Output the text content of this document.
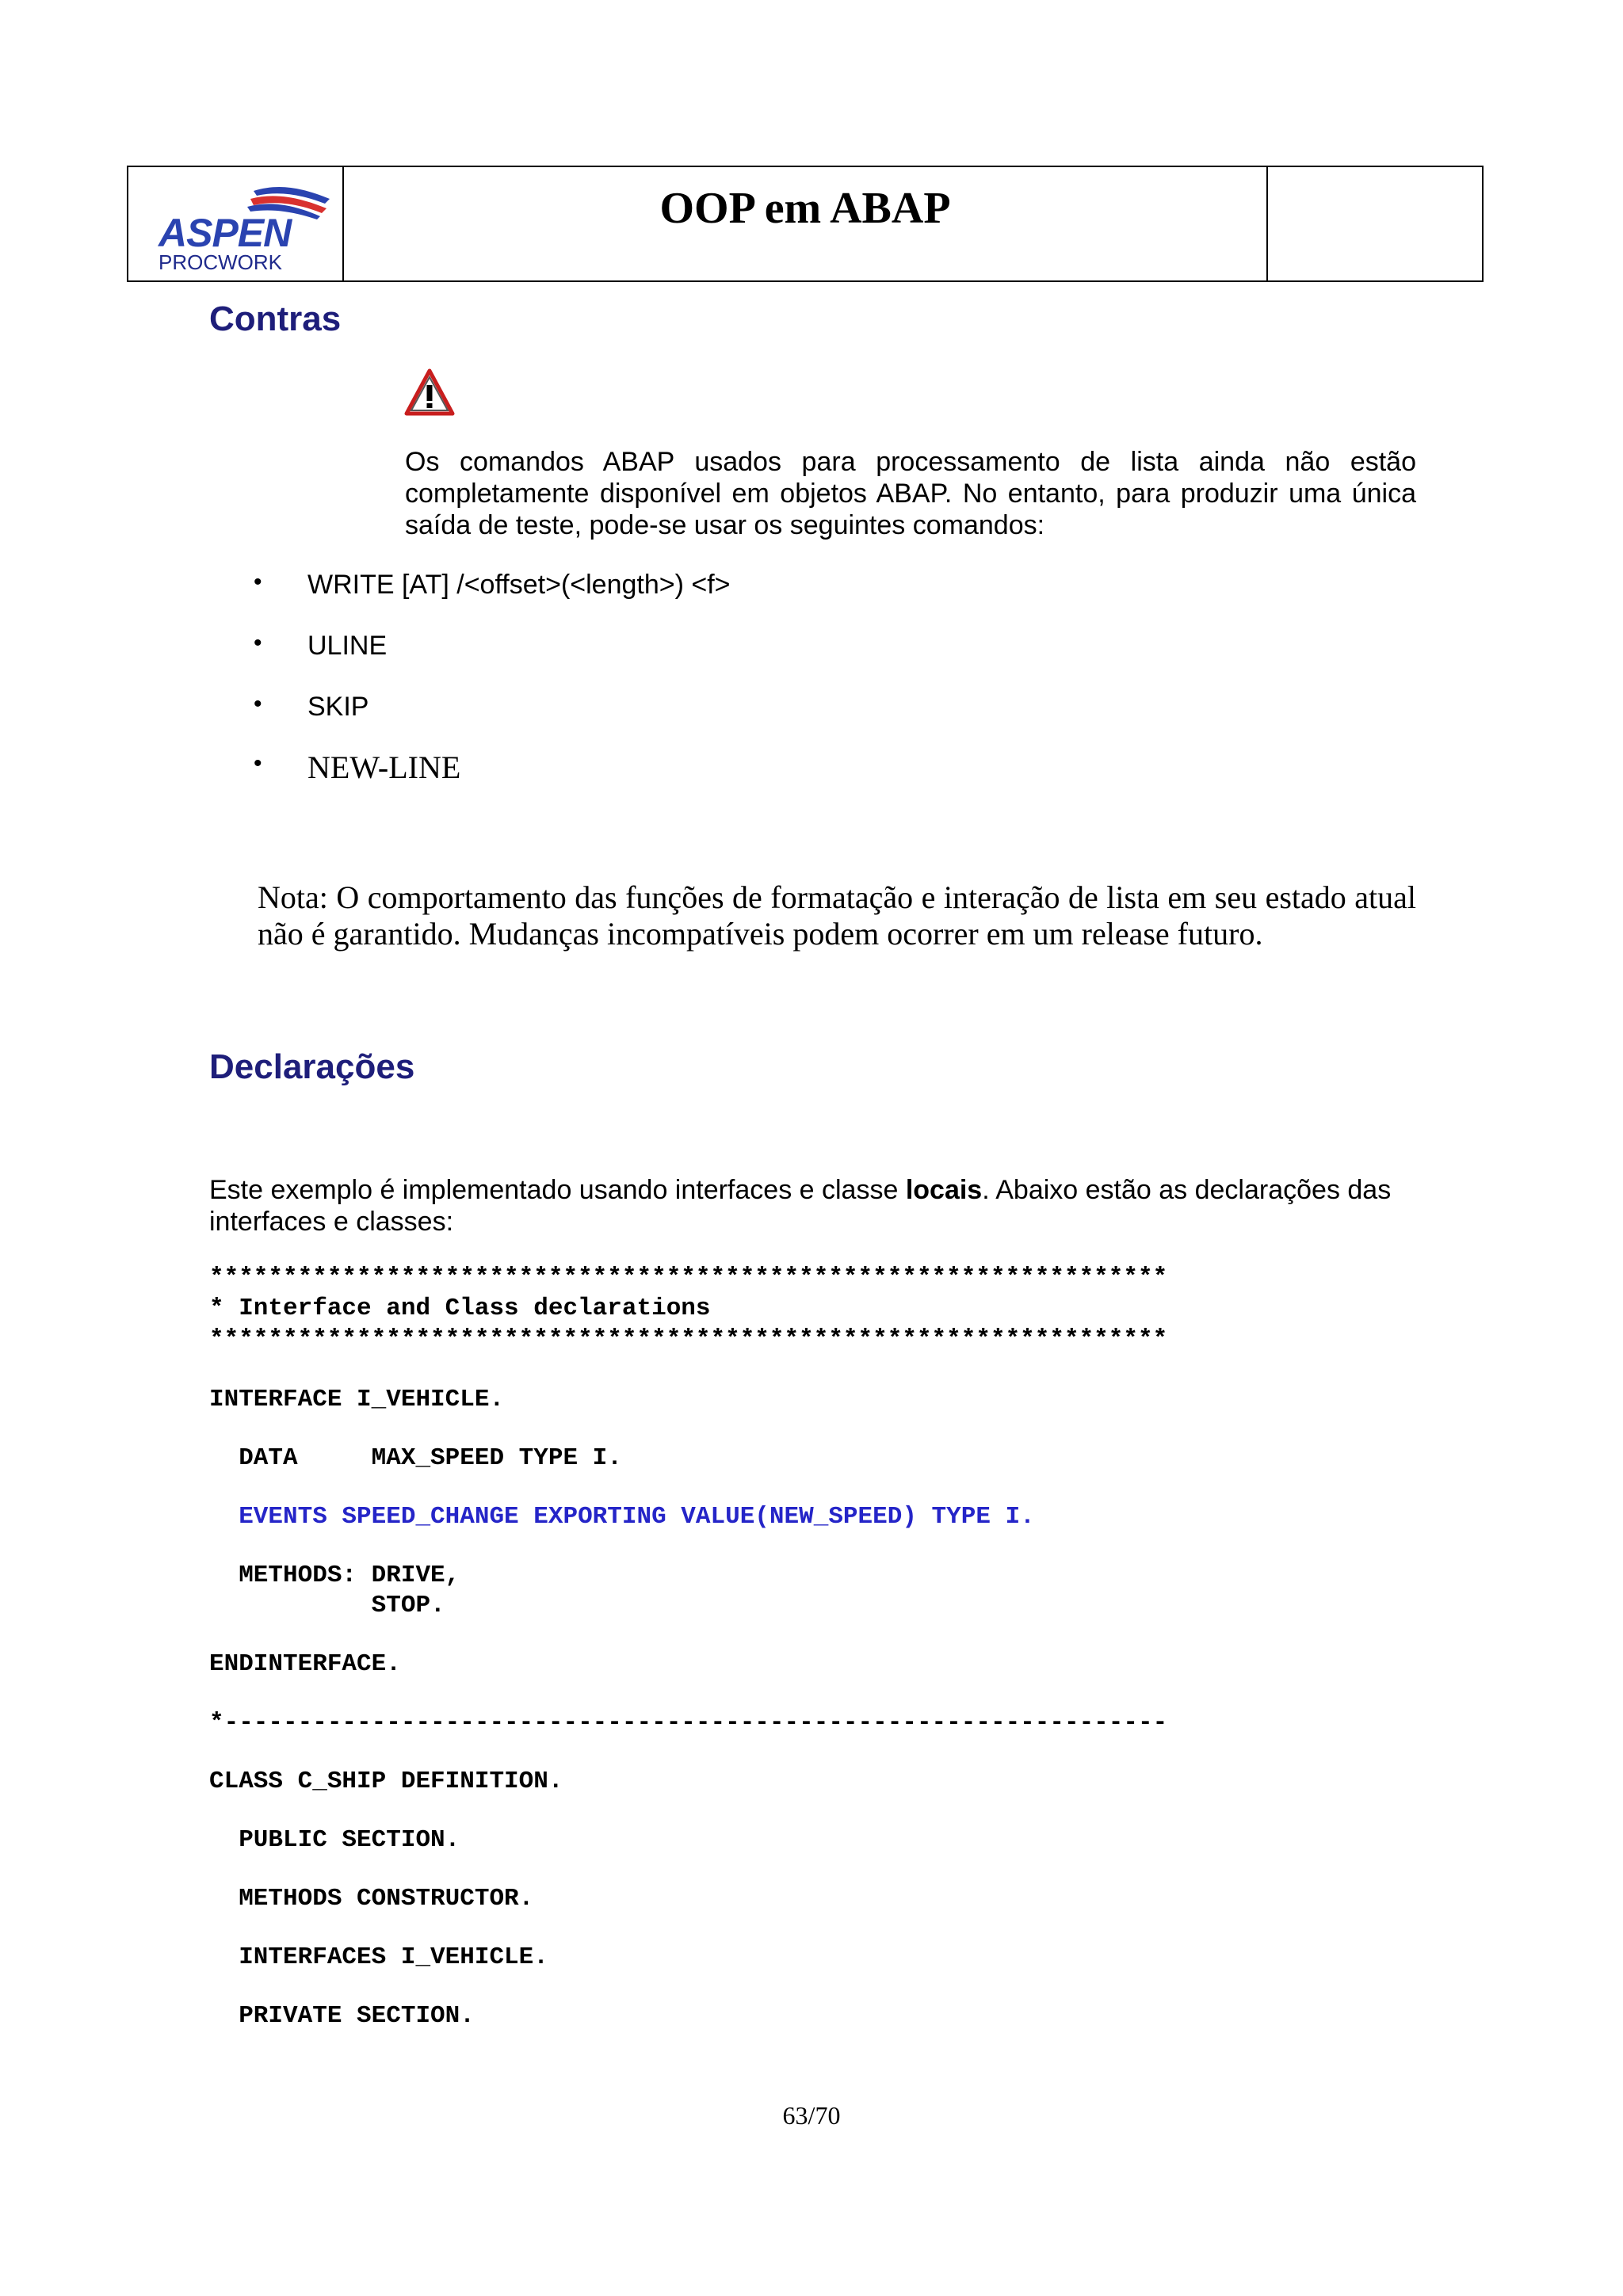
ASPEN
PROCWORK
OOP em ABAP
Contras
Os comandos ABAP usados para processamento de lista ainda não estão completamente disponível em objetos ABAP. No entanto, para produzir uma única saída de teste, pode-se usar os seguintes comandos:
• WRITE [AT] /<offset>(<length>) <f>
• ULINE
• SKIP
• NEW-LINE
Nota: O comportamento das funções de formatação e interação de lista em seu estado atual não é garantido. Mudanças incompatíveis podem ocorrer em um release futuro.
Declarações
Este exemplo é implementado usando interfaces e classe locais. Abaixo estão as declarações das interfaces e classes:
*****************************************************************
* Interface and Class declarations
*****************************************************************
INTERFACE I_VEHICLE.
DATA     MAX_SPEED TYPE I.
EVENTS SPEED_CHANGE EXPORTING VALUE(NEW_SPEED) TYPE I.
METHODS: DRIVE,
STOP.
ENDINTERFACE.
*----------------------------------------------------------------
CLASS C_SHIP DEFINITION.
PUBLIC SECTION.
METHODS CONSTRUCTOR.
INTERFACES I_VEHICLE.
PRIVATE SECTION.
63/70
